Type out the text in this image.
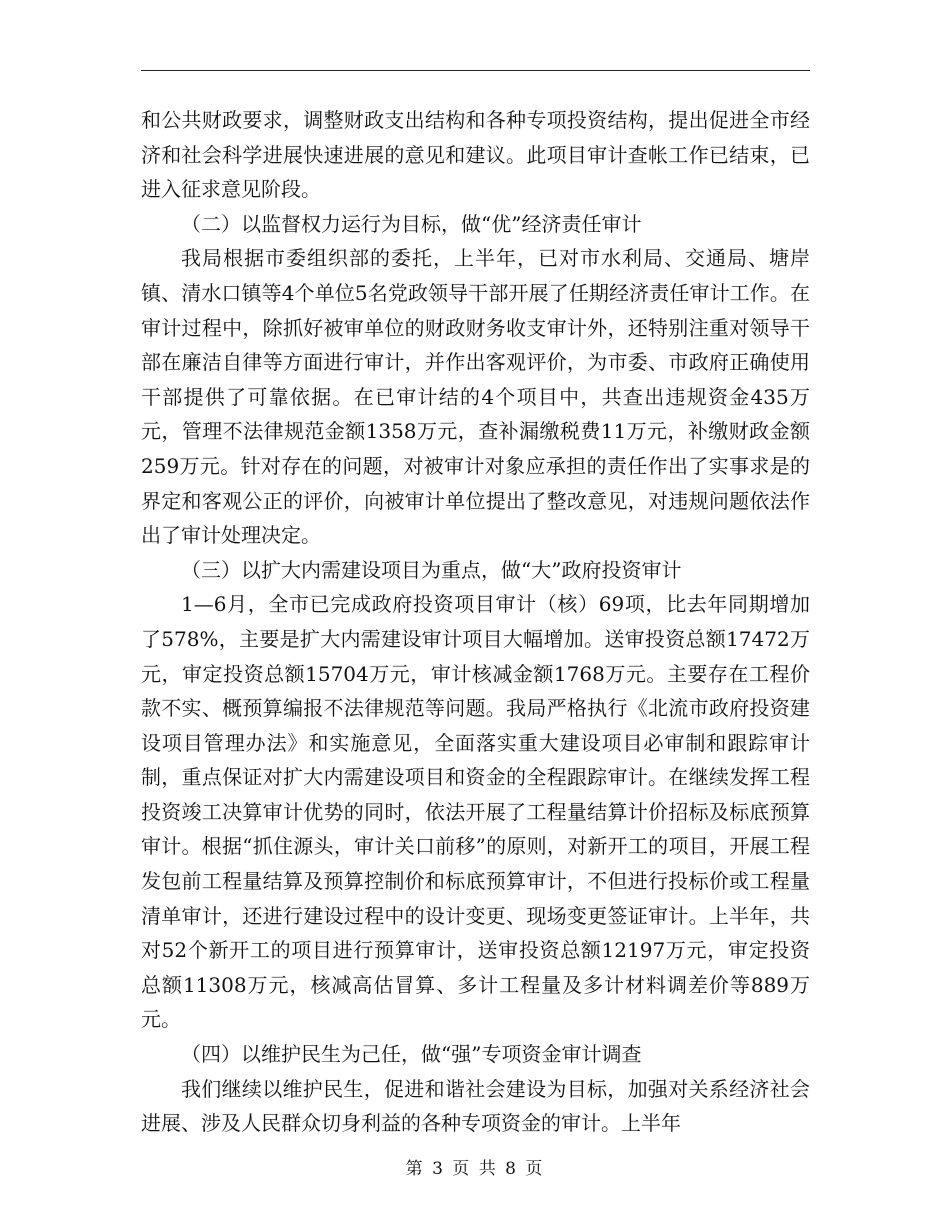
和公共财政要求，调整财政支出结构和各种专项投资结构，提出促进全市经济和社会科学进展快速进展的意见和建议。此项目审计查帐工作已结束，已进入征求意见阶段。

（二）以监督权力运行为目标，做“优”经济责任审计

我局根据市委组织部的委托，上半年，已对市水利局、交通局、塘岸镇、清水口镇等4个单位5名党政领导干部开展了任期经济责任审计工作。在审计过程中，除抓好被审单位的财政财务收支审计外，还特别注重对领导干部在廉洁自律等方面进行审计，并作出客观评价，为市委、市政府正确使用干部提供了可靠依据。在已审计结的4个项目中，共查出违规资金435万元，管理不法律规范金额1358万元，查补漏缴税费11万元，补缴财政金额259万元。针对存在的问题，对被审计对象应承担的责任作出了实事求是的界定和客观公正的评价，向被审计单位提出了整改意见，对违规问题依法作出了审计处理决定。

（三）以扩大内需建设项目为重点，做“大”政府投资审计

1—6月，全市已完成政府投资项目审计（核）69项，比去年同期增加了578%，主要是扩大内需建设审计项目大幅增加。送审投资总额17472万元，审定投资总额15704万元，审计核减金额1768万元。主要存在工程价款不实、概预算编报不法律规范等问题。我局严格执行《北流市政府投资建设项目管理办法》和实施意见，全面落实重大建设项目必审制和跟踪审计制，重点保证对扩大内需建设项目和资金的全程跟踪审计。在继续发挥工程投资竣工决算审计优势的同时，依法开展了工程量结算计价招标及标底预算审计。根据“抓住源头，审计关口前移”的原则，对新开工的项目，开展工程发包前工程量结算及预算控制价和标底预算审计，不但进行投标价或工程量清单审计，还进行建设过程中的设计变更、现场变更签证审计。上半年，共对52个新开工的项目进行预算审计，送审投资总额12197万元，审定投资总额11308万元，核减高估冒算、多计工程量及多计材料调差价等889万元。

（四）以维护民生为己任，做“强”专项资金审计调查

我们继续以维护民生，促进和谐社会建设为目标，加强对关系经济社会进展、涉及人民群众切身利益的各种专项资金的审计。上半年

第 3 页 共 8 页
